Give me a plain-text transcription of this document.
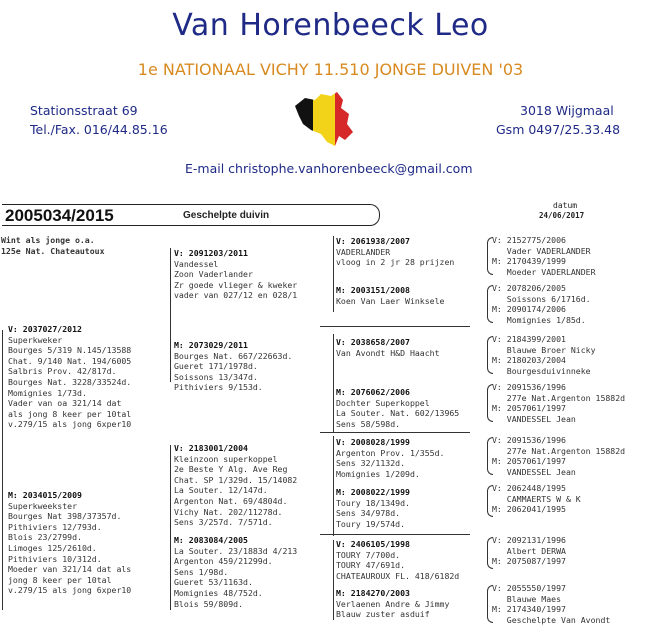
Van Horenbeeck Leo
1e NATIONAAL VICHY 11.510 JONGE DUIVEN '03
Stationsstraat 69
Tel./Fax. 016/44.85.16
3018 Wijgmaal
Gsm 0497/25.33.48
E-mail christophe.vanhorenbeeck@gmail.com
2005034/2015	Geschelpte duivin
datum
24/06/2017
Wint als jonge o.a.
125e Nat. Chateautoux
V: 2037027/2012
Superkweker
Bourges 5/319 N.145/13588
Chat. 9/140 Nat. 194/6005
Salbris Prov. 42/817d.
Bourges Nat. 3228/33524d.
Momignies 1/73d.
Vader van oa 321/14 dat
als jong 8 keer per 10tal
v.279/15 als jong 6xper10
M: 2034015/2009
Superkweekster
Bourges Nat 398/37357d.
Pithiviers 12/793d.
Blois 23/2799d.
Limoges 125/2610d.
Pithiviers 10/312d.
Moeder van 321/14 dat als
jong 8 keer per 10tal
v.279/15 als jong 6xper10
V: 2091203/2011
Vandessel
Zoon Vaderlander
Zr goede vlieger & kweker
vader van 027/12 en 028/1
M: 2073029/2011
Bourges Nat. 667/22663d.
Gueret 171/1978d.
Soissons 13/347d.
Pithiviers 9/153d.
V: 2183001/2004
Kleinzoon superkoppel
2e Beste Y Alg. Ave Reg
Chat. SP 1/329d. 15/14082
La Souter. 12/147d.
Argenton Nat. 69/4804d.
Vichy Nat. 202/11278d.
Sens 3/257d. 7/571d.
M: 2083084/2005
La Souter. 23/1883d 4/213
Argenton 459/21299d.
Sens 1/98d.
Gueret 53/1163d.
Momignies 48/752d.
Blois 59/809d.
V: 2061938/2007
VADERLANDER
vloog in 2 jr 28 prijzen
M: 2003151/2008
Koen Van Laer Winksele
V: 2038658/2007
Van Avondt H&D Haacht
M: 2076062/2006
Dochter Superkoppel
La Souter. Nat. 602/13965
Sens 58/598d.
V: 2008028/1999
Argenton Prov. 1/355d.
Sens 32/1132d.
Momignies 1/209d.
M: 2008022/1999
Toury 18/1349d.
Sens 34/978d.
Toury 19/574d.
V: 2406105/1998
TOURY 7/700d.
TOURY 47/691d.
CHATEAUROUX FL. 418/6182d
M: 2184270/2003
Verlaenen Andre & Jimmy
Blauw zuster asduif
V: 2152775/2006
Vader VADERLANDER
M: 2170439/1999
Moeder VADERLANDER
V: 2078206/2005
Soissons 6/1716d.
M: 2090174/2006
Momignies 1/85d.
V: 2184399/2001
Blauwe Broer Nicky
M: 2180203/2004
Bourgesduivinneke
V: 2091536/1996
277e Nat.Argenton 15882d
M: 2057061/1997
VANDESSEL Jean
V: 2091536/1996
277e Nat.Argenton 15882d
M: 2057061/1997
VANDESSEL Jean
V: 2062448/1995
CAMMAERTS W & K
M: 2062041/1995
V: 2092131/1996
Albert DERWA
M: 2075087/1997
V: 2055550/1997
Blauwe Maes
M: 2174340/1997
Geschelpte Van Avondt
